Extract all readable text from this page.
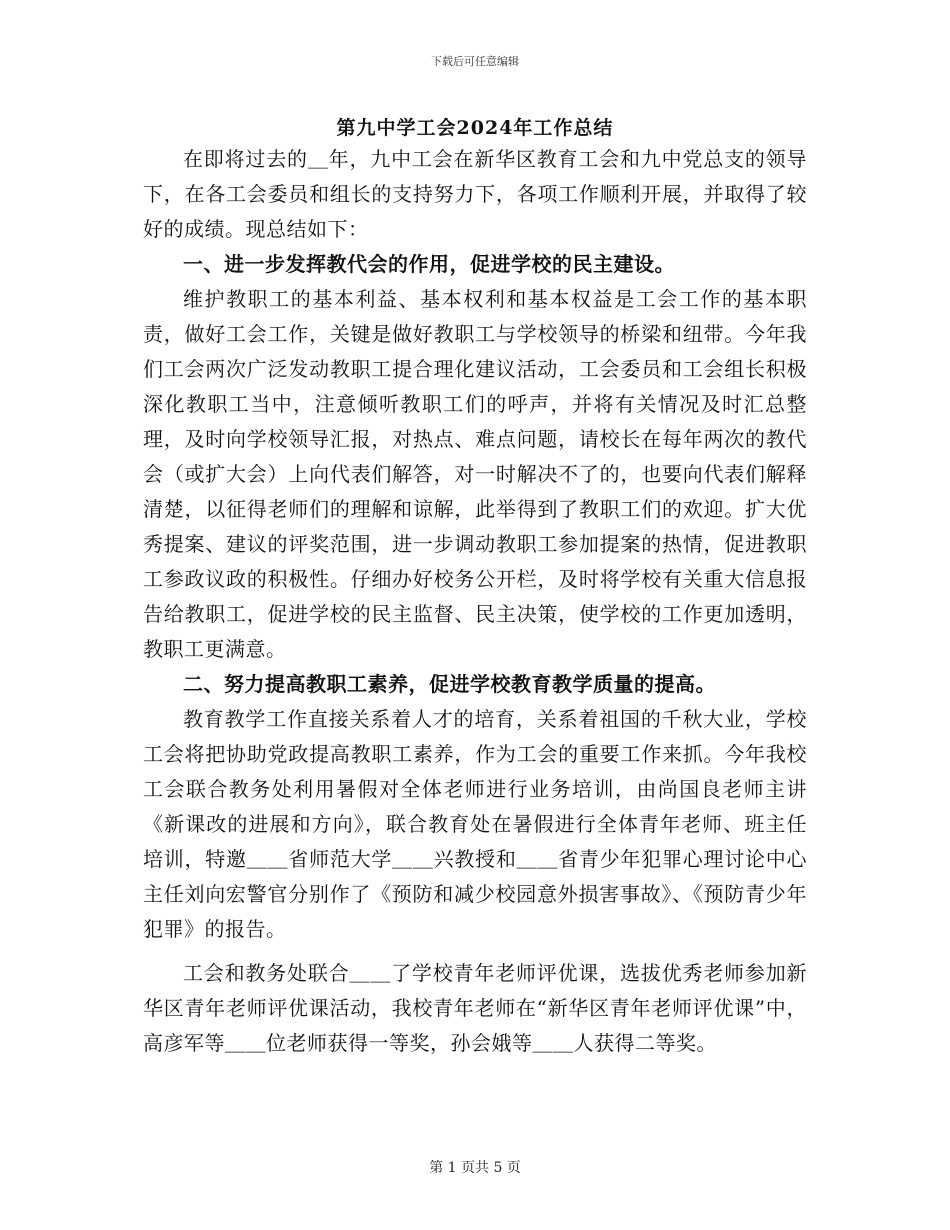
下载后可任意编辑
第九中学工会2024年工作总结

在即将过去的＿年，九中工会在新华区教育工会和九中党总支的领导下，在各工会委员和组长的支持努力下，各项工作顺利开展，并取得了较好的成绩。现总结如下：

一、进一步发挥教代会的作用，促进学校的民主建设。

维护教职工的基本利益、基本权利和基本权益是工会工作的基本职责，做好工会工作，关键是做好教职工与学校领导的桥梁和纽带。今年我们工会两次广泛发动教职工提合理化建议活动，工会委员和工会组长积极深化教职工当中，注意倾听教职工们的呼声，并将有关情况及时汇总整理，及时向学校领导汇报，对热点、难点问题，请校长在每年两次的教代会（或扩大会）上向代表们解答，对一时解决不了的，也要向代表们解释清楚，以征得老师们的理解和谅解，此举得到了教职工们的欢迎。扩大优秀提案、建议的评奖范围，进一步调动教职工参加提案的热情，促进教职工参政议政的积极性。仔细办好校务公开栏，及时将学校有关重大信息报告给教职工，促进学校的民主监督、民主决策，使学校的工作更加透明，教职工更满意。

二、努力提高教职工素养，促进学校教育教学质量的提高。

教育教学工作直接关系着人才的培育，关系着祖国的千秋大业，学校工会将把协助党政提高教职工素养，作为工会的重要工作来抓。今年我校工会联合教务处利用暑假对全体老师进行业务培训，由尚国良老师主讲《新课改的进展和方向》，联合教育处在暑假进行全体青年老师、班主任培训，特邀＿＿省师范大学＿＿兴教授和＿＿省青少年犯罪心理讨论中心主任刘向宏警官分别作了《预防和减少校园意外损害事故》、《预防青少年犯罪》的报告。

工会和教务处联合＿＿了学校青年老师评优课，选拔优秀老师参加新华区青年老师评优课活动，我校青年老师在“新华区青年老师评优课”中，高彦军等＿＿位老师获得一等奖，孙会娥等＿＿人获得二等奖。

第 1 页共 5 页
